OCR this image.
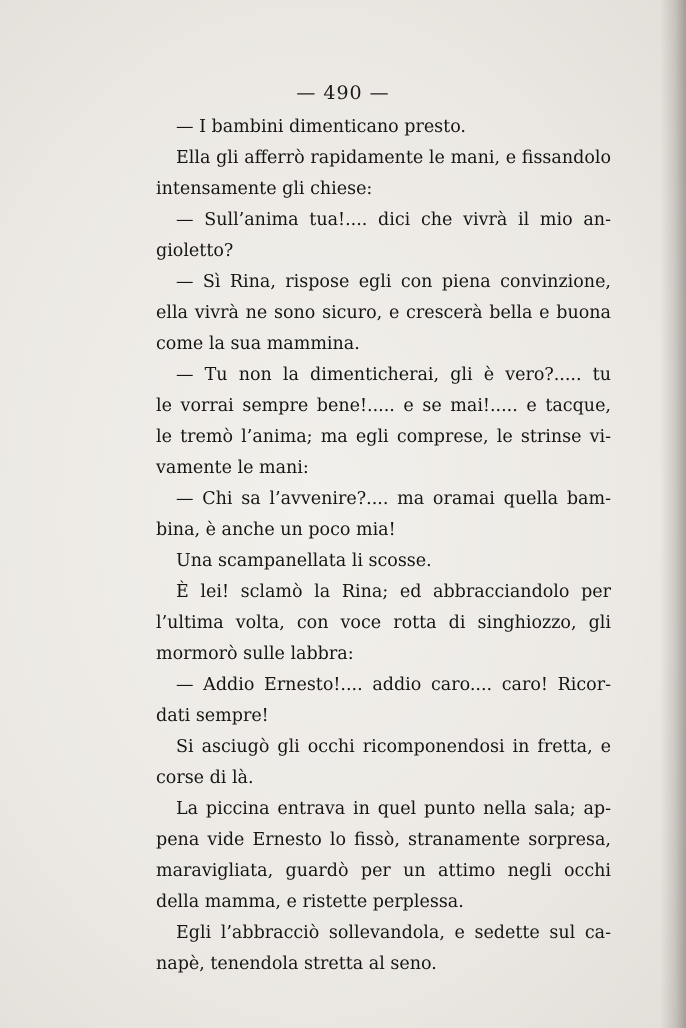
— 490 —
— I bambini dimenticano presto.
Ella gli afferrò rapidamente le mani, e fissandolo
intensamente gli chiese:
— Sull’anima tua!.... dici che vivrà il mio an-
gioletto?
— Sì Rina, rispose egli con piena convinzione,
ella vivrà ne sono sicuro, e crescerà bella e buona
come la sua mammina.
— Tu non la dimenticherai, gli è vero?..... tu
le vorrai sempre bene!..... e se mai!..... e tacque,
le tremò l’anima; ma egli comprese, le strinse vi-
vamente le mani:
— Chi sa l’avvenire?.... ma oramai quella bam-
bina, è anche un poco mia!
Una scampanellata li scosse.
È lei! sclamò la Rina; ed abbracciandolo per
l’ultima volta, con voce rotta di singhiozzo, gli
mormorò sulle labbra:
— Addio Ernesto!.... addio caro.... caro! Ricor-
dati sempre!
Si asciugò gli occhi ricomponendosi in fretta, e
corse di là.
La piccina entrava in quel punto nella sala; ap-
pena vide Ernesto lo fissò, stranamente sorpresa,
maravigliata, guardò per un attimo negli occhi
della mamma, e ristette perplessa.
Egli l’abbracciò sollevandola, e sedette sul ca-
napè, tenendola stretta al seno.
